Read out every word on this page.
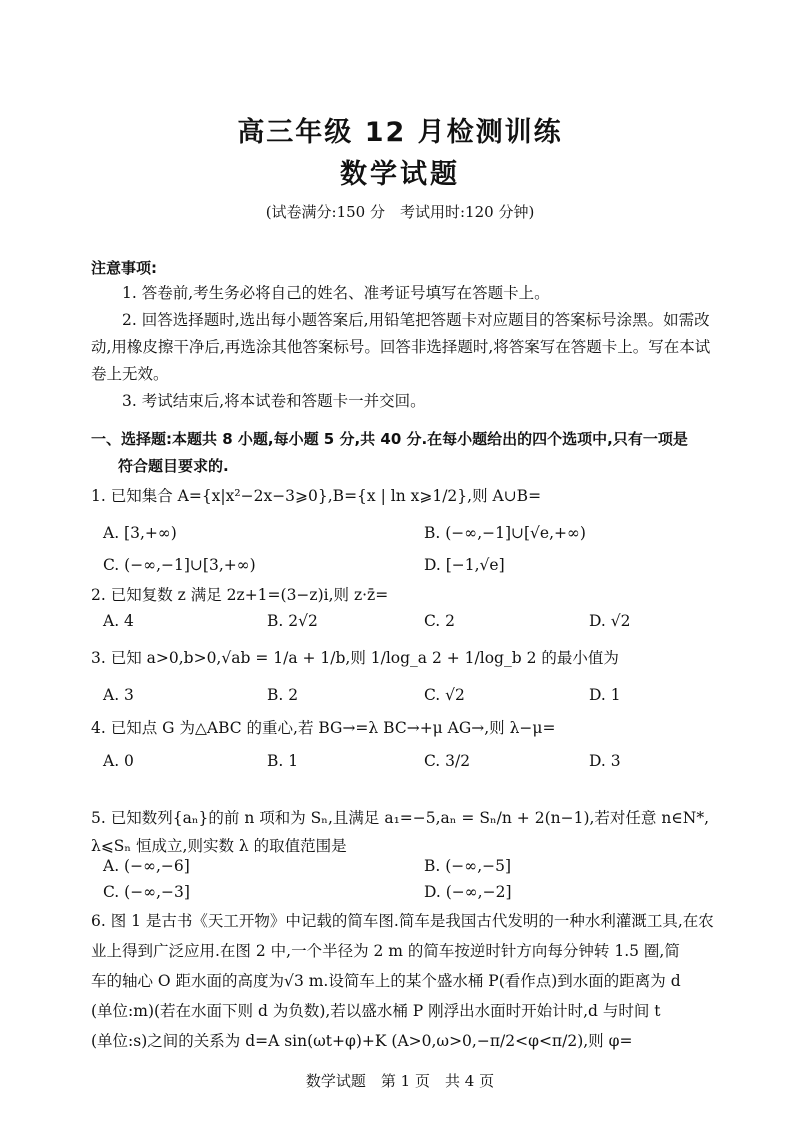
高三年级 12 月检测训练
数学试题
(试卷满分:150 分　考试用时:120 分钟)
注意事项:

1. 答卷前,考生务必将自己的姓名、准考证号填写在答题卡上。

2. 回答选择题时,选出每小题答案后,用铅笔把答题卡对应题目的答案标号涂黑。如需改动,用橡皮擦干净后,再选涂其他答案标号。回答非选择题时,将答案写在答题卡上。写在本试卷上无效。

3. 考试结束后,将本试卷和答题卡一并交回。

一、选择题:本题共 8 小题,每小题 5 分,共 40 分.在每小题给出的四个选项中,只有一项是
符合题目要求的.
1. 已知集合 A={x|x²−2x−3⩾0},B={x | ln x⩾1/2},则 A∪B=
A. [3,+∞)	B. (−∞,−1]∪[√e,+∞)
C. (−∞,−1]∪[3,+∞)	D. [−1,√e]
2. 已知复数 z 满足 2z+1=(3−z)i,则 z·z̄=
A. 4	B. 2√2	C. 2	D. √2
3. 已知 a>0,b>0,√ab = 1/a + 1/b,则 1/log_a 2 + 1/log_b 2 的最小值为
A. 3	B. 2	C. √2	D. 1
4. 已知点 G 为△ABC 的重心,若 BG→=λ BC→+μ AG→,则 λ−μ=
A. 0	B. 1	C. 3/2	D. 3
5. 已知数列{aₙ}的前 n 项和为 Sₙ,且满足 a₁=−5,aₙ = Sₙ/n + 2(n−1),若对任意 n∈N*,
λ⩽Sₙ 恒成立,则实数 λ 的取值范围是
A. (−∞,−6]	B. (−∞,−5]
C. (−∞,−3]	D. (−∞,−2]

6. 图 1 是古书《天工开物》中记载的简车图.简车是我国古代发明的一种水利灌溉工具,在农

业上得到广泛应用.在图 2 中,一个半径为 2 m 的简车按逆时针方向每分钟转 1.5 圈,简

车的轴心 O 距水面的高度为√3 m.设简车上的某个盛水桶 P(看作点)到水面的距离为 d

(单位:m)(若在水面下则 d 为负数),若以盛水桶 P 刚浮出水面时开始计时,d 与时间 t

(单位:s)之间的关系为 d=A sin(ωt+φ)+K (A>0,ω>0,−π/2<φ<π/2),则 φ=

数学试题　第 1 页　共 4 页
